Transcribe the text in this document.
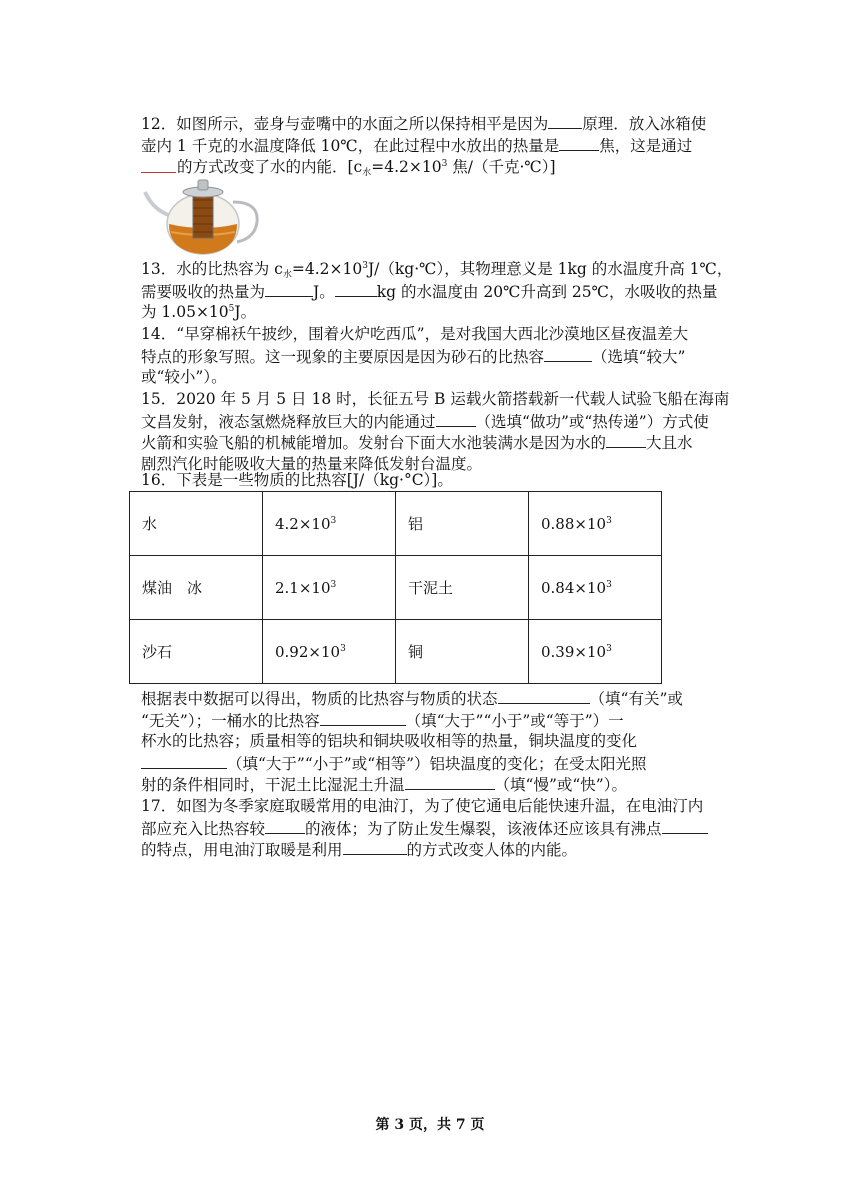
12．如图所示，壶身与壶嘴中的水面之所以保持相平是因为 原理．放入冰箱使
壶内 1 千克的水温度降低 10℃，在此过程中水放出的热量是	焦，这是通过
的方式改变了水的内能．[$c_水=4.2\times 10^3$ 焦/（千克·℃）]
13．水的比热容为 $c_水=4.2\times 10^3J/(kg\cdot℃)$，其物理意义是 1kg 的水温度升高 1℃，
需要吸收的热量为	J。	kg 的水温度由 20℃升高到 25℃，水吸收的热量
为 $1.05\times 10^5J$。
14．“早穿棉袄午披纱，围着火炉吃西瓜”，是对我国大西北沙漠地区昼夜温差大
特点的形象写照。这一现象的主要原因是因为砂石的比热容	（选填“较大”
或“较小”）。
15．2020 年 5 月 5 日 18 时，长征五号 B 运载火箭搭载新一代载人试验飞船在海南
文昌发射，液态氢燃烧释放巨大的内能通过	（选填“做功”或“热传递”）方式使
火箭和实验飞船的机械能增加。发射台下面大水池装满水是因为水的	大且水
剧烈汽化时能吸收大量的热量来降低发射台温度。
16．下表是一些物质的比热容[J/（kg·°C）]。
水	$4.2\times 10^3$	铝	$0.88\times 10^3$
煤油　冰	$2.1\times 10^3$	干泥土	$0.84\times 10^3$
沙石	$0.92\times 10^3$	铜	$0.39\times 10^3$
根据表中数据可以得出，物质的比热容与物质的状态	（填“有关”或
“无关”）；一桶水的比热容	（填“大于”“小于”或“等于”）一
杯水的比热容；质量相等的铝块和铜块吸收相等的热量，铜块温度的变化
（填“大于”“小于”或“相等”）铝块温度的变化；在受太阳光照
射的条件相同时，干泥土比湿泥土升温	（填“慢”或“快”）。
17．如图为冬季家庭取暖常用的电油汀，为了使它通电后能快速升温，在电油汀内
部应充入比热容较	的液体；为了防止发生爆裂，该液体还应该具有沸点
的特点，用电油汀取暖是利用	的方式改变人体的内能。
第 3 页，共 7 页
